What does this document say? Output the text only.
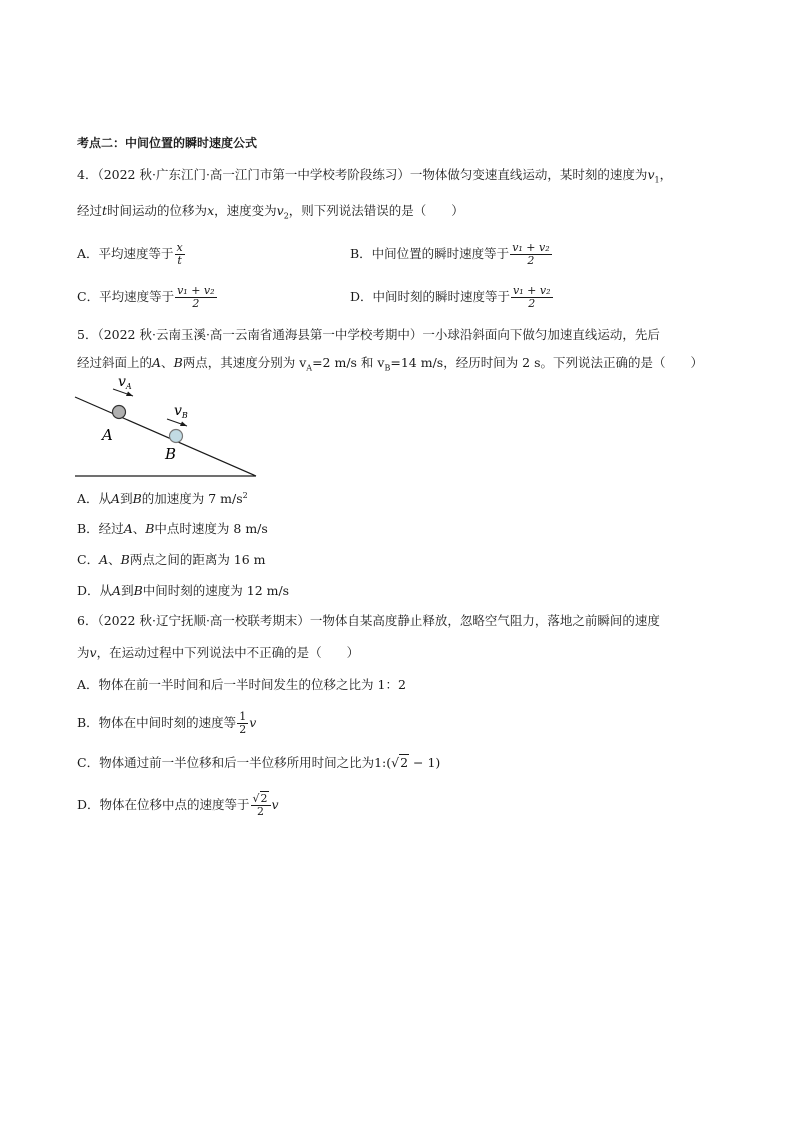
考点二：中间位置的瞬时速度公式
4．（2022 秋·广东江门·高一江门市第一中学校考阶段练习）一物体做匀变速直线运动，某时刻的速度为$v_1$，
经过t时间运动的位移为x，速度变为$v_2$，则下列说法错误的是（　　）
A．平均速度等于 $\frac{x}{t}$	B．中间位置的瞬时速度等于 $\frac{\text{v₁ + v₂}}{2}$
C．平均速度等于 $\frac{\text{v₁ + v₂}}{2}$	D．中间时刻的瞬时速度等于 $\frac{\text{v₁ + v₂}}{2}$
5．（2022 秋·云南玉溪·高一云南省通海县第一中学校考期中）一小球沿斜面向下做匀加速直线运动，先后
经过斜面上的A、B两点，其速度分别为 $v_A=2$ m/s 和 $v_B=14$ m/s，经历时间为 2 s。下列说法正确的是（　　）
$v_A$
$v_B$
A
B
A．从A到B的加速度为 7 $m/s^2$
B．经过A、B中点时速度为 8 m/s
C．A、B两点之间的距离为 16 m
D．从A到B中间时刻的速度为 12 m/s
6．（2022 秋·辽宁抚顺·高一校联考期末）一物体自某高度静止释放，忽略空气阻力，落地之前瞬间的速度
为v，在运动过程中下列说法中不正确的是（　　）
A．物体在前一半时间和后一半时间发生的位移之比为 1：2
B．物体在中间时刻的速度等 $\frac{1}{2}$ v
C．物体通过前一半位移和后一半位移所用时间之比为1:(√2 − 1)
D．物体在位移中点的速度等于 $\frac{√2}{2}$ v
